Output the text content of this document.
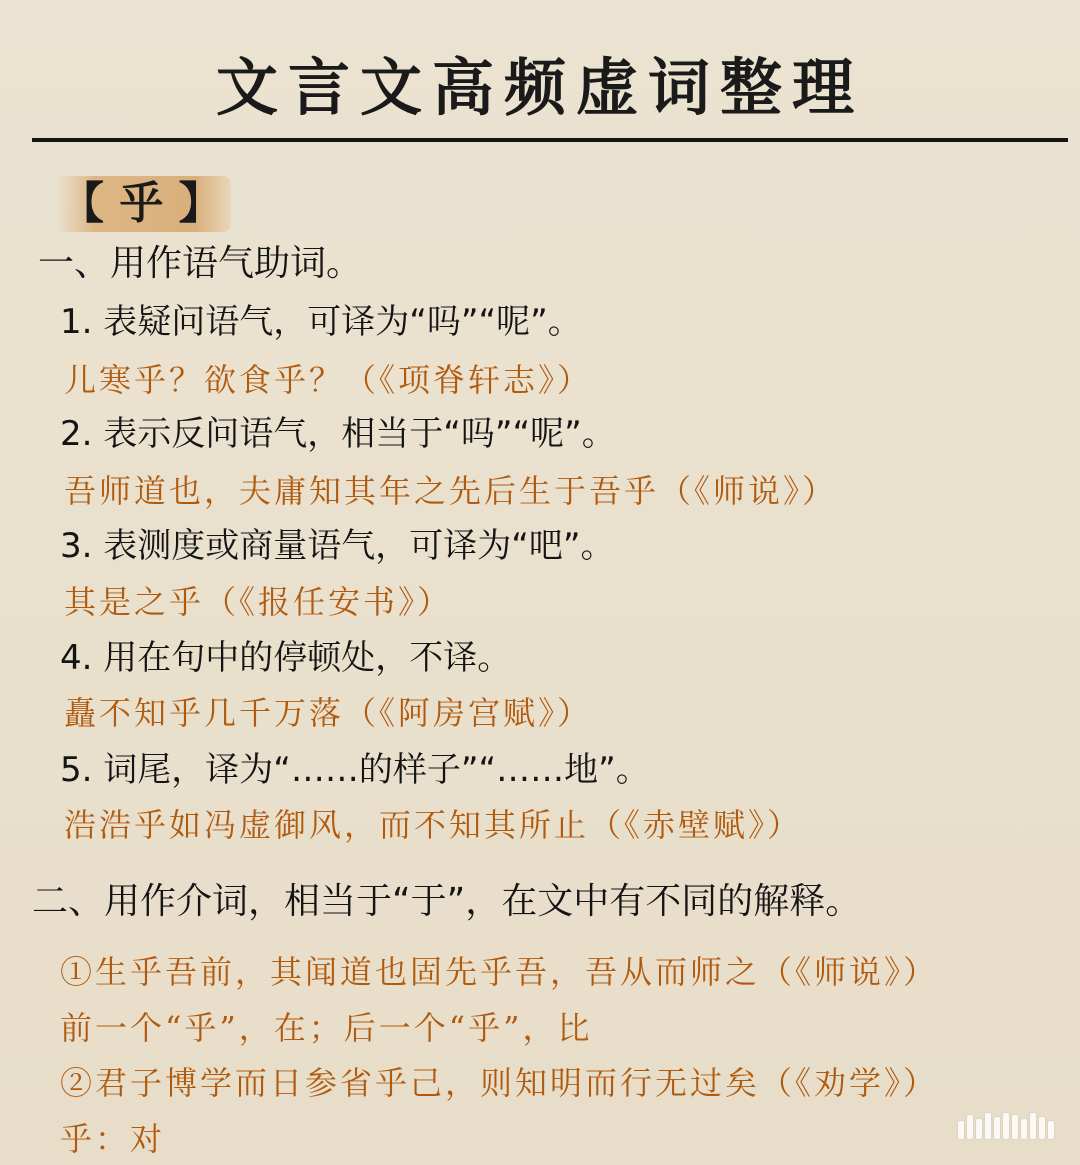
文言文高频虚词整理
【 乎 】
一、用作语气助词。
1. 表疑问语气，可译为“吗”“呢”。
儿寒乎？欲食乎？（《项脊轩志》）
2. 表示反问语气，相当于“吗”“呢”。
吾师道也，夫庸知其年之先后生于吾乎（《师说》）
3. 表测度或商量语气，可译为“吧”。
其是之乎（《报任安书》）
4. 用在句中的停顿处，不译。
矗不知乎几千万落（《阿房宫赋》）
5. 词尾，译为“……的样子”“……地”。
浩浩乎如冯虚御风，而不知其所止（《赤壁赋》）
二、用作介词，相当于“于”，在文中有不同的解释。
①生乎吾前，其闻道也固先乎吾，吾从而师之（《师说》）
前一个“乎”，在；后一个“乎”，比
②君子博学而日参省乎己，则知明而行无过矣（《劝学》）
乎：对
